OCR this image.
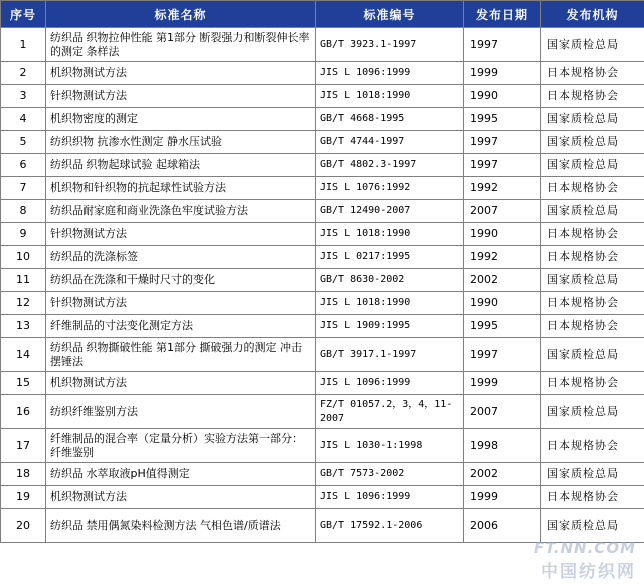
序号	标准名称	标准编号	发布日期	发布机构
1	纺织品 织物拉伸性能 第1部分 断裂强力和断裂伸长率的测定 条样法	GB/T 3923.1-1997	1997	国家质检总局
2	机织物测试方法	JIS L 1096:1999	1999	日本规格协会
3	针织物测试方法	JIS L 1018:1990	1990	日本规格协会
4	机织物密度的测定	GB/T 4668-1995	1995	国家质检总局
5	纺织织物 抗渗水性测定 静水压试验	GB/T 4744-1997	1997	国家质检总局
6	纺织品 织物起球试验 起球箱法	GB/T 4802.3-1997	1997	国家质检总局
7	机织物和针织物的抗起球性试验方法	JIS L 1076:1992	1992	日本规格协会
8	纺织品耐家庭和商业洗涤色牢度试验方法	GB/T 12490-2007	2007	国家质检总局
9	针织物测试方法	JIS L 1018:1990	1990	日本规格协会
10	纺织品的洗涤标签	JIS L 0217:1995	1992	日本规格协会
11	纺织品在洗涤和干燥时尺寸的变化	GB/T 8630-2002	2002	国家质检总局
12	针织物测试方法	JIS L 1018:1990	1990	日本规格协会
13	纤维制品的寸法变化测定方法	JIS L 1909:1995	1995	日本规格协会
14	纺织品 织物撕破性能 第1部分 撕破强力的测定 冲击摆锤法	GB/T 3917.1-1997	1997	国家质检总局
15	机织物测试方法	JIS L 1096:1999	1999	日本规格协会
16	纺织纤维鉴别方法	FZ/T 01057.2，3，4，11-2007	2007	国家质检总局
17	纤维制品的混合率（定量分析）实验方法第一部分：纤维鉴别	JIS L 1030-1:1998	1998	日本规格协会
18	纺织品 水萃取液pH值得测定	GB/T 7573-2002	2002	国家质检总局
19	机织物测试方法	JIS L 1096:1999	1999	日本规格协会
20	纺织品 禁用偶氮染料检测方法 气相色谱/质谱法	GB/T 17592.1-2006	2006	国家质检总局
FT.NN.COM
中国纺织网
